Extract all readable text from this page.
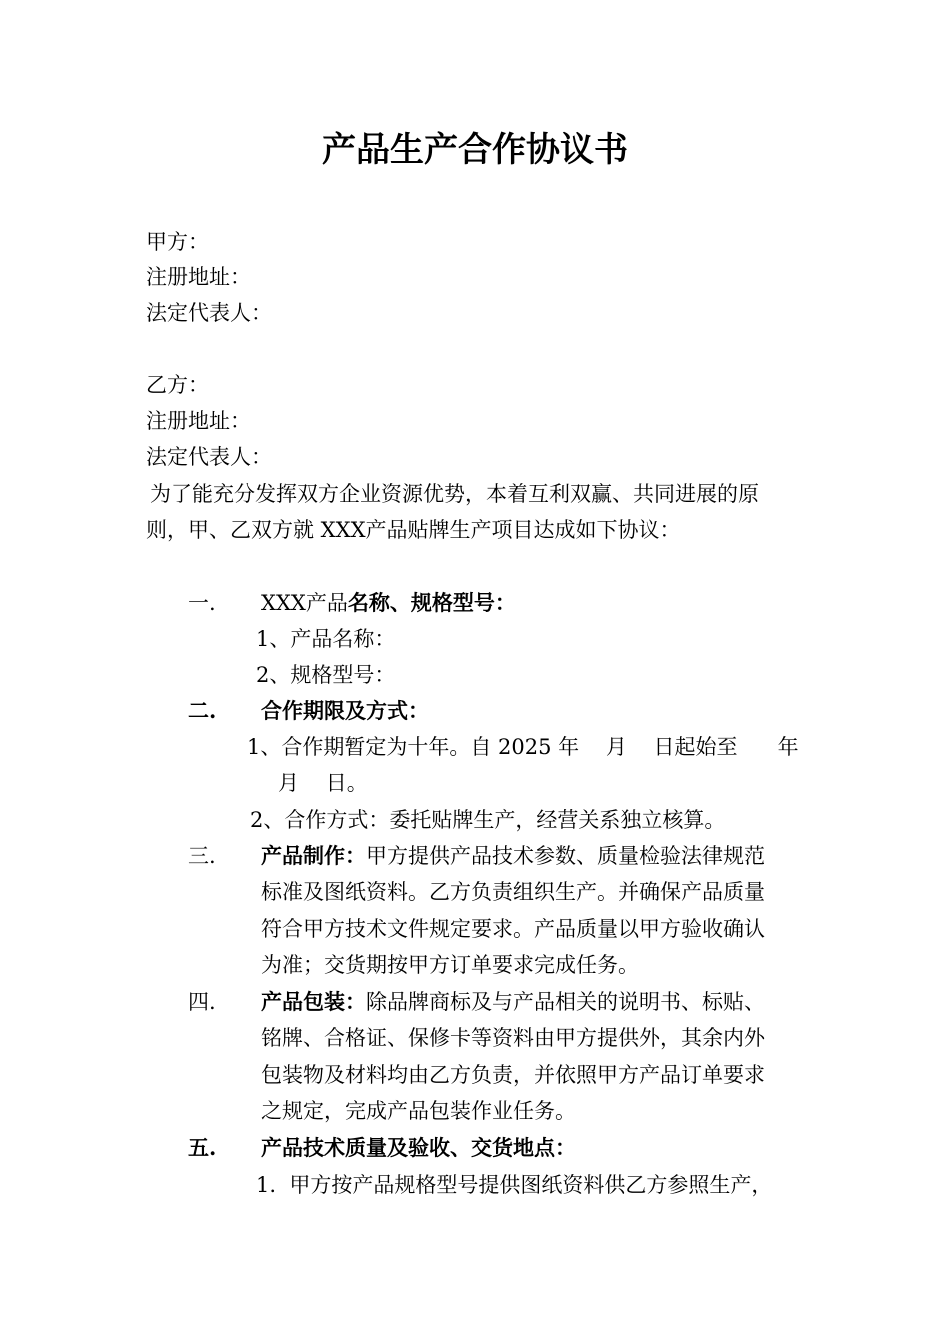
产品生产合作协议书
甲方：
注册地址：
法定代表人：
乙方：
注册地址：
法定代表人：
为了能充分发挥双方企业资源优势，本着互利双赢、共同进展的原
则，甲、乙双方就 XXX产品贴牌生产项目达成如下协议：
一. XXX产品名称、规格型号：
1、产品名称：
2、规格型号：
二. 合作期限及方式：
1、合作期暂定为十年。自 2025 年    月    日起始至      年
月    日。
2、合作方式：委托贴牌生产，经营关系独立核算。
三. 产品制作：甲方提供产品技术参数、质量检验法律规范
标准及图纸资料。乙方负责组织生产。并确保产品质量
符合甲方技术文件规定要求。产品质量以甲方验收确认
为准；交货期按甲方订单要求完成任务。
四. 产品包装：除品牌商标及与产品相关的说明书、标贴、
铭牌、合格证、保修卡等资料由甲方提供外，其余内外
包装物及材料均由乙方负责，并依照甲方产品订单要求
之规定，完成产品包装作业任务。
五. 产品技术质量及验收、交货地点：
1.  甲方按产品规格型号提供图纸资料供乙方参照生产，
